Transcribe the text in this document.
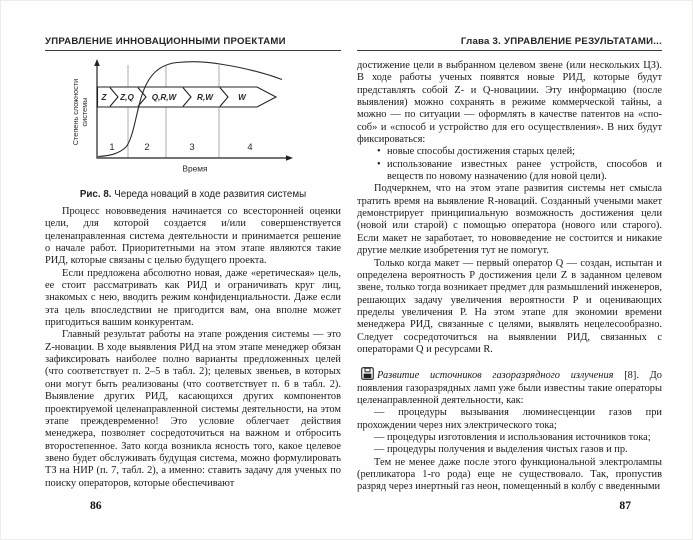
УПРАВЛЕНИЕ ИННОВАЦИОННЫМИ ПРОЕКТАМИ
Z Z,Q Q,R,W	R,W	W
1	2	3	4
Время
Степень сложности системы
Рис. 8. Череда новаций в ходе развития системы

Процесс нововведения начинается со всесторонней оценки цели, для которой создается и/или совершенствуется целенаправленная система деятельности и принимается решение о начале работ. Приоритетными на этом этапе являются такие РИД, которые связаны с целью будущего проекта.

Если предложена абсолютно новая, даже «еретическая» цель, ее стоит рассматривать как РИД и ограничивать круг лиц, знакомых с нею, вводить режим конфиденциальности. Даже если эта цель впоследствии не пригодится вам, она вполне может пригодиться вашим конкурентам.

Главный результат работы на этапе рождения системы — это Z-новации. В ходе выявления РИД на этом этапе менеджер обязан зафиксировать наиболее полно варианты предложенных целей (что соответствует п. 2–5 в табл. 2); целевых звеньев, в которых они могут быть реализованы (что соответствует п. 6 в табл. 2). Выявление других РИД, касающихся других компонентов проектируемой целенаправленной системы деятельности, на этом этапе преждевременно! Это условие облегчает действия менеджера, позволяет сосредоточиться на важном и отбросить второстепенное. Зато когда возникла ясность того, какое целевое звено будет обслуживать будущая система, можно формулировать ТЗ на НИР (п. 7, табл. 2), а именно: ставить задачу для ученых по поиску операторов, которые обеспечивают

86
Глава 3. УПРАВЛЕНИЕ РЕЗУЛЬТАТАМИ...

достижение цели в выбранном целевом звене (или нескольких ЦЗ). В ходе работы ученых появятся новые РИД, которые будут представлять собой Z- и Q-новациии. Эту информацию (после выявления) можно сохранять в режиме коммерческой тайны, а можно — по ситуации — оформлять в качестве патентов на «способ» и «способ и устройство для его осуществления». В них будут фиксироваться:

• новые способы достижения старых целей;

• использование известных ранее устройств, способов и веществ по новому назначению (для новой цели).

Подчеркнем, что на этом этапе развития системы нет смысла тратить время на выявление R-новаций. Созданный учеными макет демонстрирует принципиальную возможность достижения цели (новой или старой) с помощью оператора (нового или старого). Если макет не заработает, то нововведение не состоится и никакие другие мелкие изобретения тут не помогут.

Только когда макет — первый оператор Q — создан, испытан и определена вероятность P достижения цели Z в заданном целевом звене, только тогда возникает предмет для размышлений инженеров, решающих задачу увеличения вероятности P и оценивающих пределы увеличения P. На этом этапе для экономии времени менеджера РИД, связанные с целями, выявлять нецелесообразно. Следует сосредоточиться на выявлении РИД, связанных с операторами Q и ресурсами R.

Развитие источников газоразрядного излучения [8]. До появления газоразрядных ламп уже были известны такие операторы целенаправленной деятельности, как:

— процедуры вызывания люминесценции газов при прохождении через них электрического тока;

— процедуры изготовления и использования источников тока;

— процедуры получения и выделения чистых газов и пр.

Тем не менее даже после этого функциональной электролампы (репликатора 1-го рода) еще не существовало. Так, пропустив разряд через инертный газ неон, помещенный в колбу с введенными

87
